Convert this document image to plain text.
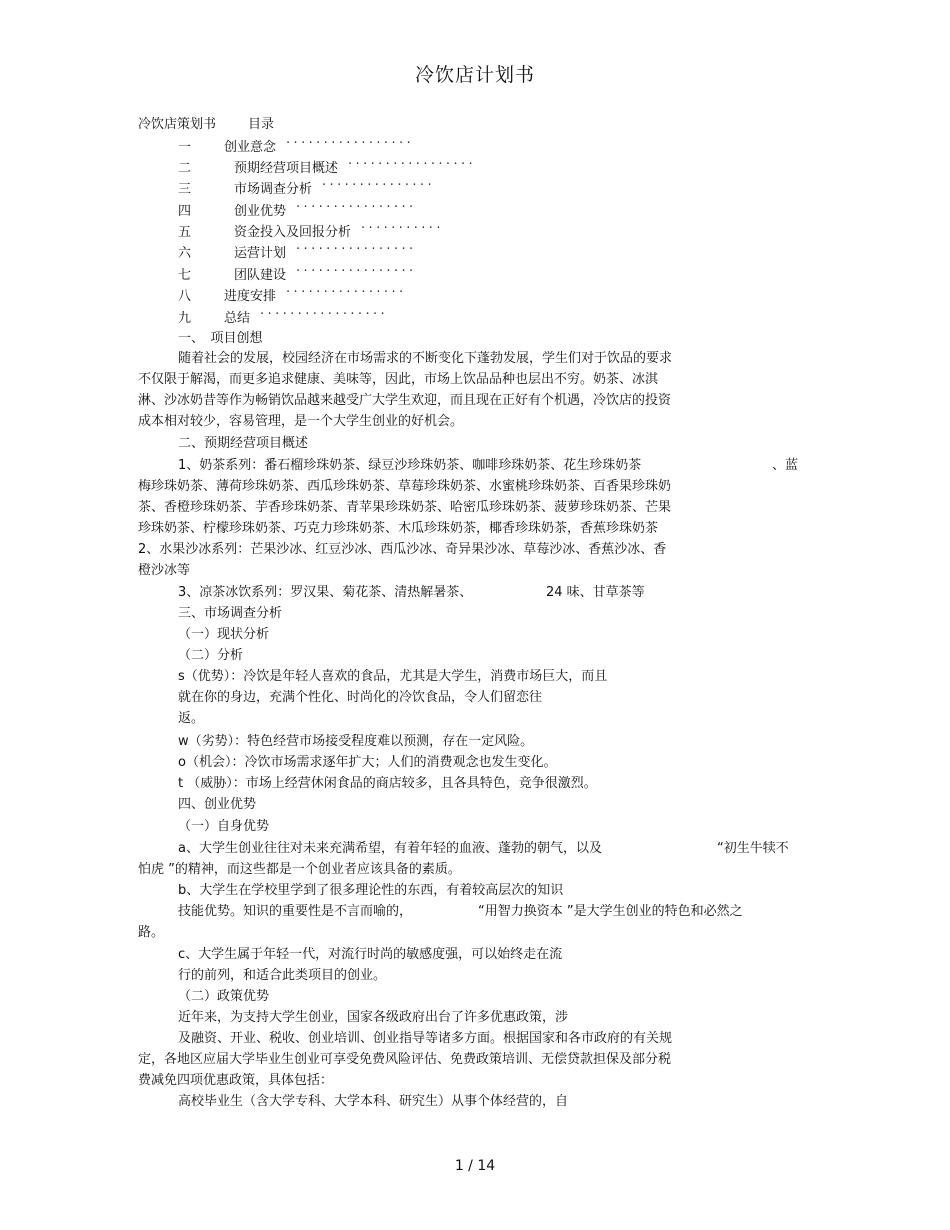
冷饮店计划书
冷饮店策划书 目录
一	创业意念 ·················
二	预期经营项目概述 ·················
三	市场调查分析 ···············
四	创业优势 ················
五	资金投入及回报分析 ···········
六	运营计划 ················
七	团队建设 ················
八	进度安排 ················
九	总结 ·················
一、　项目创想
随着社会的发展，校园经济在市场需求的不断变化下蓬勃发展，学生们对于饮品的要求
不仅限于解渴，而更多追求健康、美味等，因此，市场上饮品品种也层出不穷。奶茶、冰淇
淋、沙冰奶昔等作为畅销饮品越来越受广大学生欢迎，而且现在正好有个机遇，冷饮店的投资
成本相对较少，容易管理，是一个大学生创业的好机会。
二、预期经营项目概述
1、奶茶系列：番石榴珍珠奶茶、绿豆沙珍珠奶茶、咖啡珍珠奶茶、花生珍珠奶茶	、蓝
梅珍珠奶茶、薄荷珍珠奶茶、西瓜珍珠奶茶、草莓珍珠奶茶、水蜜桃珍珠奶茶、百香果珍珠奶
茶、香橙珍珠奶茶、芋香珍珠奶茶、青苹果珍珠奶茶、哈密瓜珍珠奶茶、菠萝珍珠奶茶、芒果
珍珠奶茶、柠檬珍珠奶茶、巧克力珍珠奶茶、木瓜珍珠奶茶，椰香珍珠奶茶，香蕉珍珠奶茶
2、水果沙冰系列：芒果沙冰、红豆沙冰、西瓜沙冰、奇异果沙冰、草莓沙冰、香蕉沙冰、香
橙沙冰等
3、凉茶冰饮系列：罗汉果、菊花茶、清热解暑茶、	24 味、甘草茶等
三、市场调查分析
（一）现状分析
（二）分析
s（优势）：冷饮是年轻人喜欢的食品，尤其是大学生，消费市场巨大，而且
就在你的身边，充满个性化、时尚化的冷饮食品，令人们留恋往
返。
w（劣势）：特色经营市场接受程度难以预测，存在一定风险。
o（机会）：冷饮市场需求逐年扩大；人们的消费观念也发生变化。
t （威胁）：市场上经营休闲食品的商店较多，且各具特色，竞争很激烈。
四、创业优势
（一）自身优势
a、大学生创业往往对未来充满希望，有着年轻的血液、蓬勃的朝气，以及	“初生牛犊不
怕虎 ”的精神，而这些都是一个创业者应该具备的素质。
b、大学生在学校里学到了很多理论性的东西，有着较高层次的知识
技能优势。知识的重要性是不言而喻的，	“用智力换资本 ”是大学生创业的特色和必然之
路。
c、大学生属于年轻一代，对流行时尚的敏感度强，可以始终走在流
行的前列，和适合此类项目的创业。
（二）政策优势
近年来，为支持大学生创业，国家各级政府出台了许多优惠政策，涉
及融资、开业、税收、创业培训、创业指导等诸多方面。根据国家和各市政府的有关规
定，各地区应届大学毕业生创业可享受免费风险评估、免费政策培训、无偿贷款担保及部分税
费减免四项优惠政策，具体包括：
高校毕业生（含大学专科、大学本科、研究生）从事个体经营的，自
1 / 14
